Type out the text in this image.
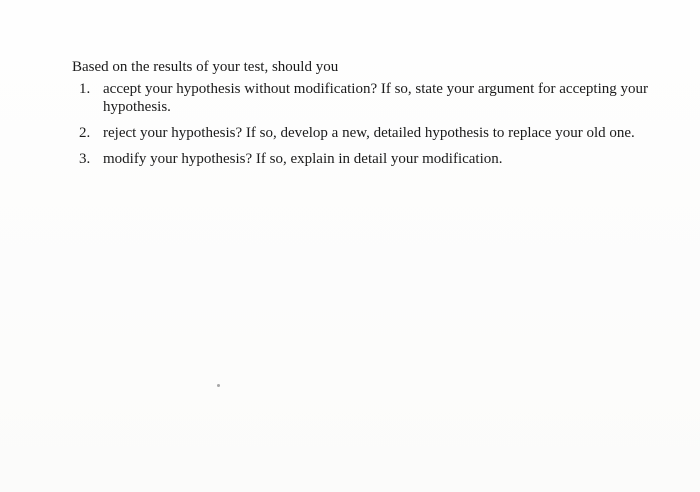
Based on the results of your test, should you

1. accept your hypothesis without modification? If so, state your argument for accepting your hypothesis.
2. reject your hypothesis? If so, develop a new, detailed hypothesis to replace your old one.
3. modify your hypothesis? If so, explain in detail your modification.
